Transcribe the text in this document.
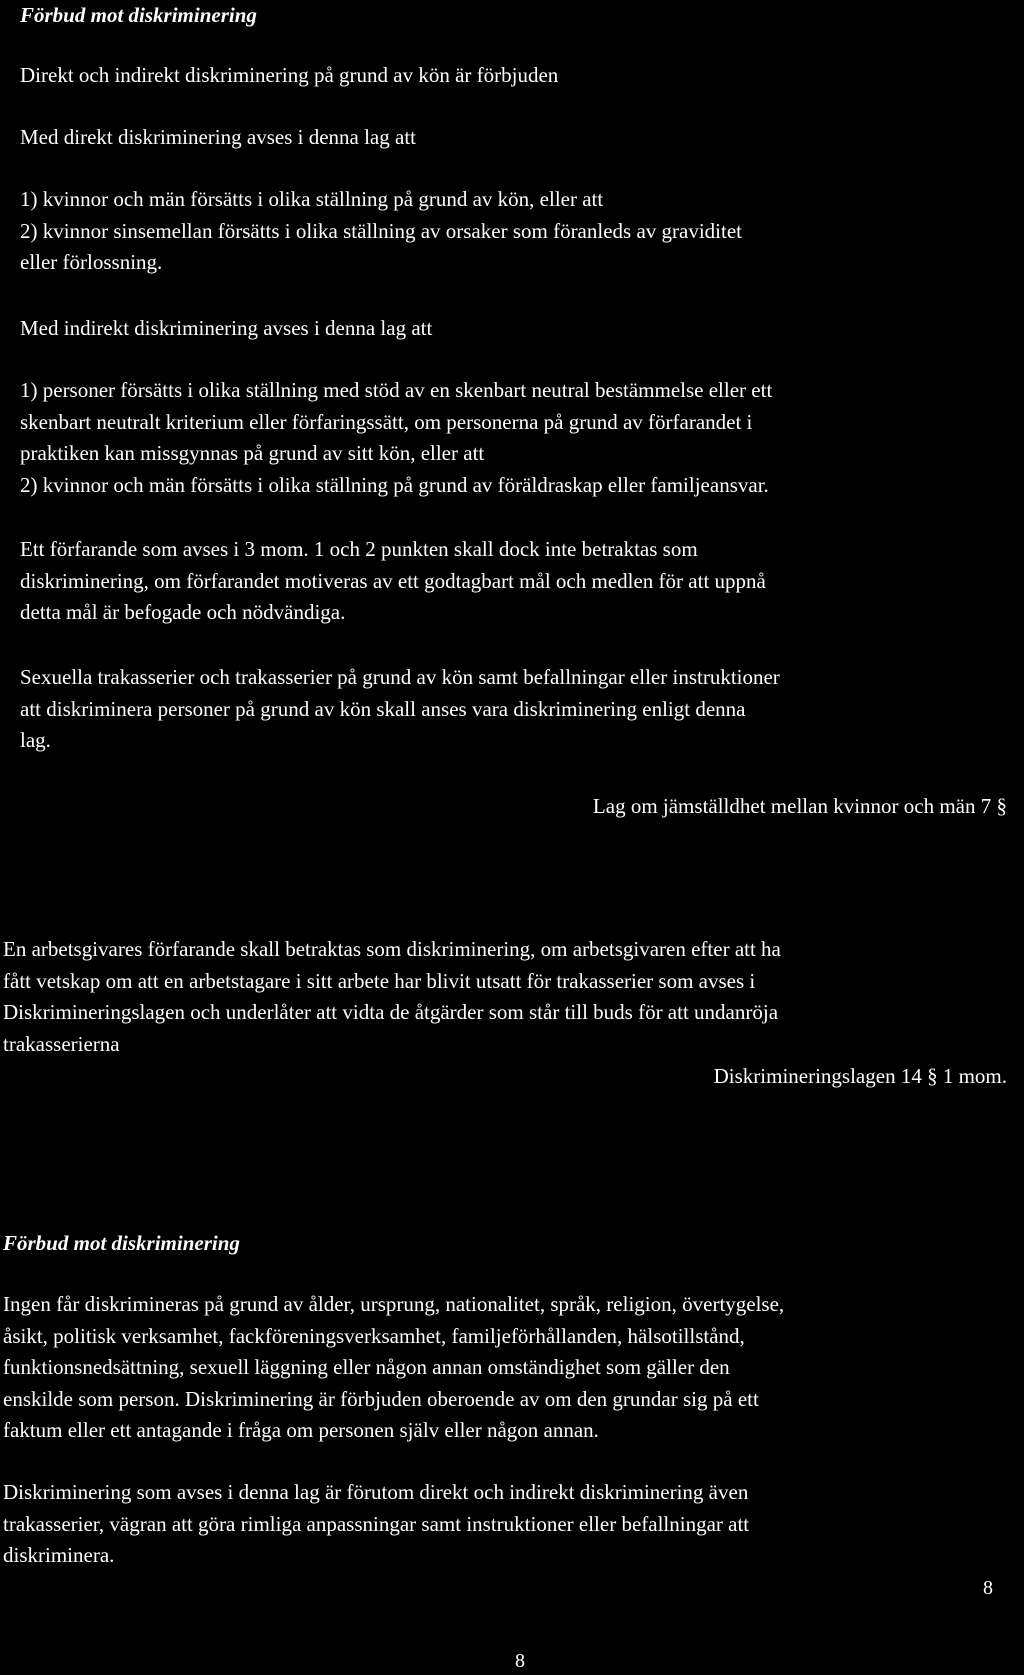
Förbud mot diskriminering
Direkt och indirekt diskriminering på grund av kön är förbjuden
Med direkt diskriminering avses i denna lag att
1) kvinnor och män försätts i olika ställning på grund av kön, eller att
2) kvinnor sinsemellan försätts i olika ställning av orsaker som föranleds av graviditet
eller förlossning.
Med indirekt diskriminering avses i denna lag att
1) personer försätts i olika ställning med stöd av en skenbart neutral bestämmelse eller ett
skenbart neutralt kriterium eller förfaringssätt, om personerna på grund av förfarandet i
praktiken kan missgynnas på grund av sitt kön, eller att
2) kvinnor och män försätts i olika ställning på grund av föräldraskap eller familjeansvar.
Ett förfarande som avses i 3 mom. 1 och 2 punkten skall dock inte betraktas som
diskriminering, om förfarandet motiveras av ett godtagbart mål och medlen för att uppnå
detta mål är befogade och nödvändiga.
Sexuella trakasserier och trakasserier på grund av kön samt befallningar eller instruktioner
att diskriminera personer på grund av kön skall anses vara diskriminering enligt denna
lag.
Lag om jämställdhet mellan kvinnor och män 7 §
En arbetsgivares förfarande skall betraktas som diskriminering, om arbetsgivaren efter att ha
fått vetskap om att en arbetstagare i sitt arbete har blivit utsatt för trakasserier som avses i
Diskrimineringslagen och underlåter att vidta de åtgärder som står till buds för att undanröja
trakasserierna
Diskrimineringslagen 14 § 1 mom.
Förbud mot diskriminering
Ingen får diskrimineras på grund av ålder, ursprung, nationalitet, språk, religion, övertygelse,
åsikt, politisk verksamhet, fackföreningsverksamhet, familjeförhållanden, hälsotillstånd,
funktionsnedsättning, sexuell läggning eller någon annan omständighet som gäller den
enskilde som person. Diskriminering är förbjuden oberoende av om den grundar sig på ett
faktum eller ett antagande i fråga om personen själv eller någon annan.
Diskriminering som avses i denna lag är förutom direkt och indirekt diskriminering även
trakasserier, vägran att göra rimliga anpassningar samt instruktioner eller befallningar att
diskriminera.
8
8
